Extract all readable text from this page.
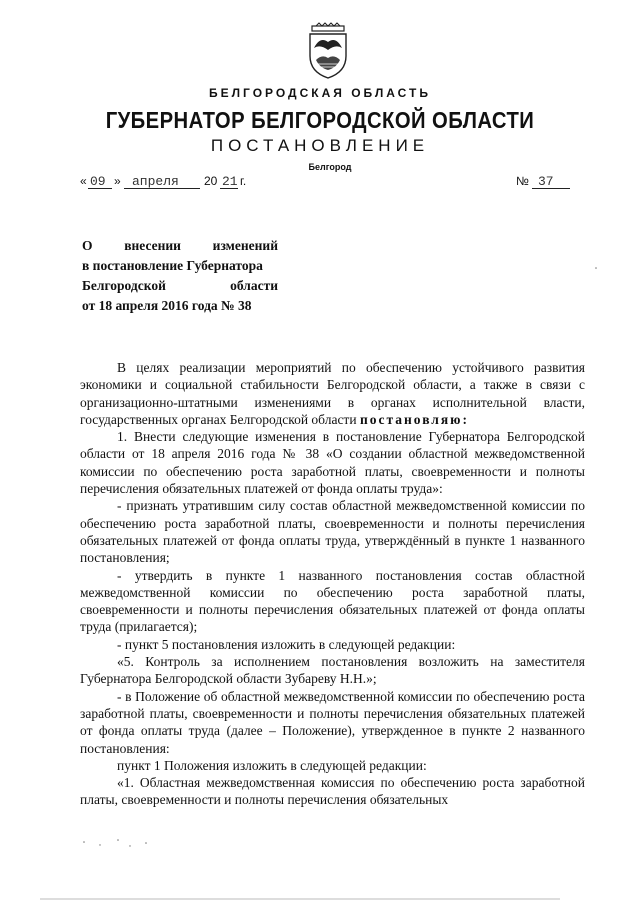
БЕЛГОРОДСКАЯ ОБЛАСТЬ
ГУБЕРНАТОР БЕЛГОРОДСКОЙ ОБЛАСТИ
ПОСТАНОВЛЕНИЕ
Белгород
« 09 » апреля 20 21 г.	№ 37
О внесении изменений
в постановление Губернатора
Белгородской	области
от 18 апреля 2016 года № 38

В целях реализации мероприятий по обеспечению устойчивого развития экономики и социальной стабильности Белгородской области, а также в связи с организационно-штатными изменениями в органах исполнительной власти, государственных органах Белгородской области постановляю:

1. Внести следующие изменения в постановление Губернатора Белгородской области от 18 апреля 2016 года № 38 «О создании областной межведомственной комиссии по обеспечению роста заработной платы, своевременности и полноты перечисления обязательных платежей от фонда оплаты труда»:

- признать утратившим силу состав областной межведомственной комиссии по обеспечению роста заработной платы, своевременности и полноты перечисления обязательных платежей от фонда оплаты труда, утверждённый в пункте 1 названного постановления;

- утвердить в пункте 1 названного постановления состав областной межведомственной комиссии по обеспечению роста заработной платы, своевременности и полноты перечисления обязательных платежей от фонда оплаты труда (прилагается);

- пункт 5 постановления изложить в следующей редакции:

«5. Контроль за исполнением постановления возложить на заместителя Губернатора Белгородской области Зубареву Н.Н.»;

- в Положение об областной межведомственной комиссии по обеспечению роста заработной платы, своевременности и полноты перечисления обязательных платежей от фонда оплаты труда (далее – Положение), утвержденное в пункте 2 названного постановления:

пункт 1 Положения изложить в следующей редакции:

«1. Областная межведомственная комиссия по обеспечению роста заработной платы, своевременности и полноты перечисления обязательных
